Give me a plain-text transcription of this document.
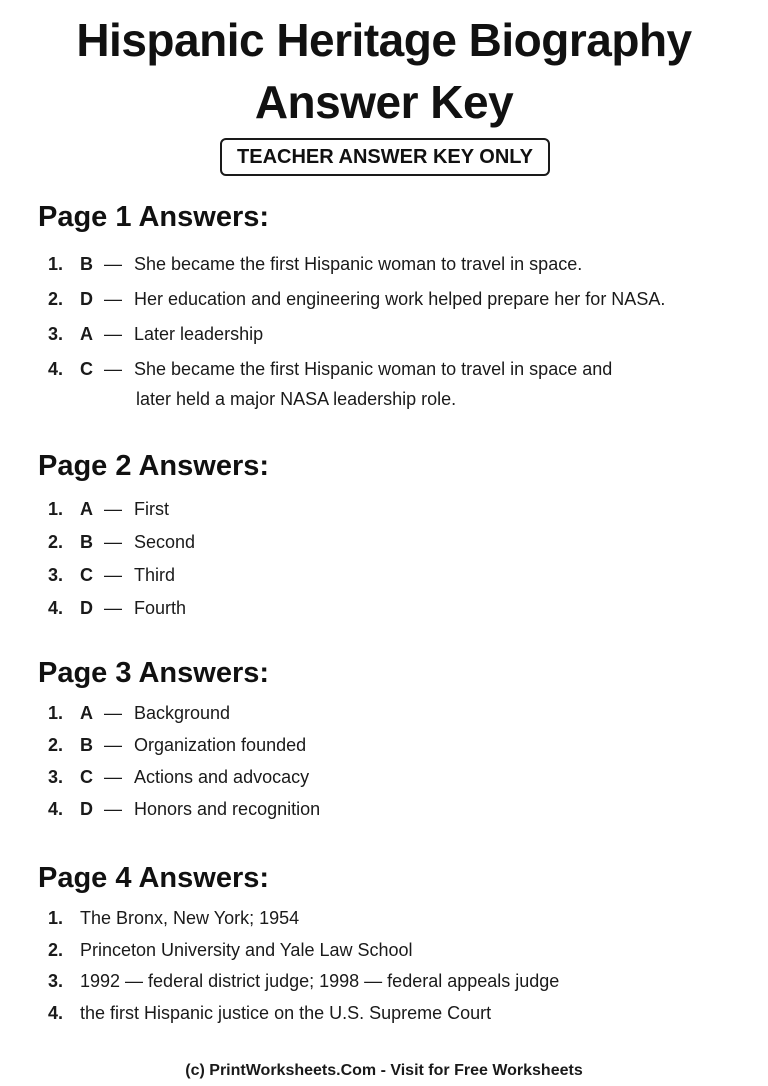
Hispanic Heritage Biography
Answer Key
TEACHER ANSWER KEY ONLY
Page 1 Answers:
1. B — She became the first Hispanic woman to travel in space.
2. D — Her education and engineering work helped prepare her for NASA.
3. A — Later leadership
4. C — She became the first Hispanic woman to travel in space and
later held a major NASA leadership role.
Page 2 Answers:
1. A — First
2. B — Second
3. C — Third
4. D — Fourth
Page 3 Answers:
1. A — Background
2. B — Organization founded
3. C — Actions and advocacy
4. D — Honors and recognition
Page 4 Answers:
1. The Bronx, New York; 1954
2. Princeton University and Yale Law School
3. 1992 — federal district judge; 1998 — federal appeals judge
4. the first Hispanic justice on the U.S. Supreme Court
(c) PrintWorksheets.Com - Visit for Free Worksheets
